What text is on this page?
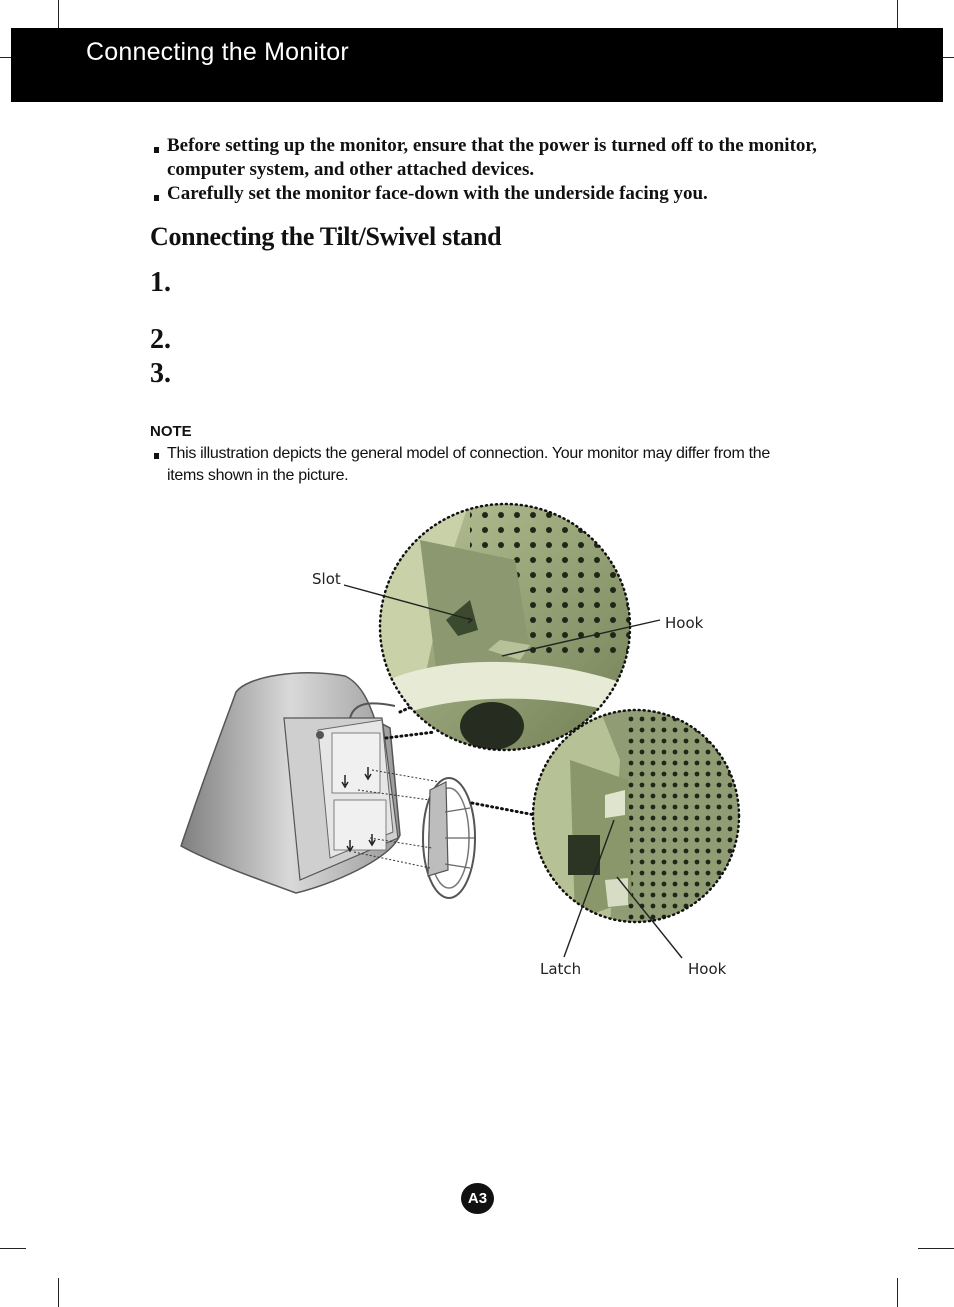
Connecting the Monitor
Before setting up the monitor, ensure that the power is turned off to the monitor, computer system, and other attached devices.
Carefully set the monitor face-down with the underside facing you.
Connecting the Tilt/Swivel stand
1.
2.
3.
NOTE
This illustration depicts the general model of connection. Your monitor may differ from the items shown in the picture.
Slot
Hook
Latch	Hook
A3
